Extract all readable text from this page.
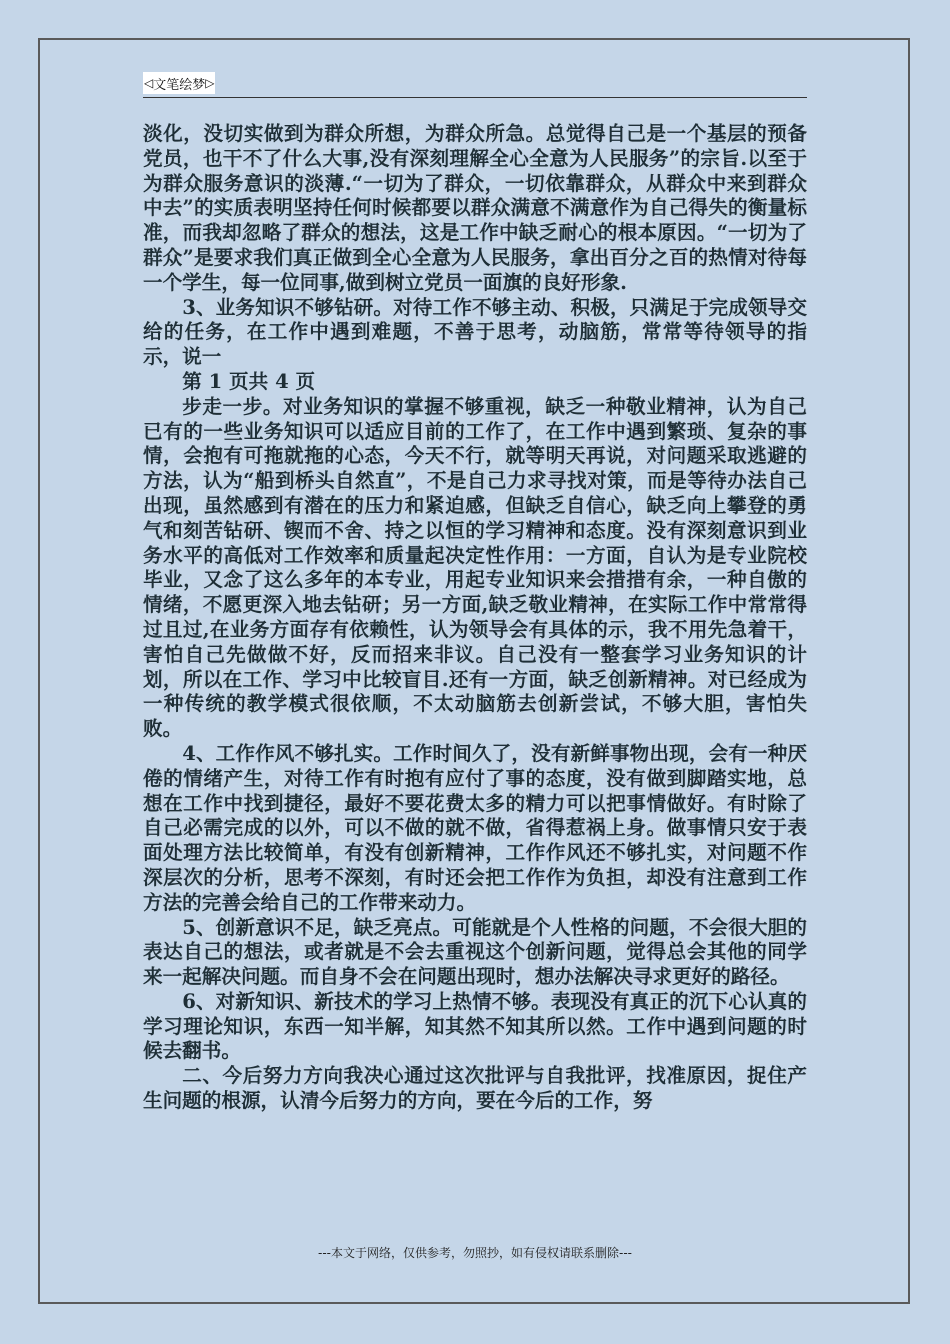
◁ 文笔绘梦 ▷

淡化，没切实做到为群众所想，为群众所急。总觉得自己是一个基层的预备党员，也干不了什么大事,没有深刻理解全心全意为人民服务”的宗旨.以至于为群众服务意识的淡薄.“一切为了群众，一切依靠群众，从群众中来到群众中去”的实质表明坚持任何时候都要以群众满意不满意作为自己得失的衡量标准，而我却忽略了群众的想法，这是工作中缺乏耐心的根本原因。“一切为了群众”是要求我们真正做到全心全意为人民服务，拿出百分之百的热情对待每一个学生，每一位同事,做到树立党员一面旗的良好形象.

3、业务知识不够钻研。对待工作不够主动、积极，只满足于完成领导交给的任务，在工作中遇到难题，不善于思考，动脑筋，常常等待领导的指示，说一

第 1 页共 4 页

步走一步。对业务知识的掌握不够重视，缺乏一种敬业精神，认为自己已有的一些业务知识可以适应目前的工作了，在工作中遇到繁琐、复杂的事情，会抱有可拖就拖的心态，今天不行，就等明天再说，对问题采取逃避的方法，认为“船到桥头自然直”，不是自己力求寻找对策，而是等待办法自己出现，虽然感到有潜在的压力和紧迫感，但缺乏自信心，缺乏向上攀登的勇气和刻苦钻研、锲而不舍、持之以恒的学习精神和态度。没有深刻意识到业务水平的高低对工作效率和质量起决定性作用：一方面，自认为是专业院校毕业，又念了这么多年的本专业，用起专业知识来会措措有余，一种自傲的情绪，不愿更深入地去钻研；另一方面,缺乏敬业精神，在实际工作中常常得过且过,在业务方面存有依赖性，认为领导会有具体的示，我不用先急着干，害怕自己先做做不好，反而招来非议。自己没有一整套学习业务知识的计划，所以在工作、学习中比较盲目.还有一方面，缺乏创新精神。对已经成为一种传统的教学模式很依顺，不太动脑筋去创新尝试，不够大胆，害怕失败。

4、工作作风不够扎实。工作时间久了，没有新鲜事物出现，会有一种厌倦的情绪产生，对待工作有时抱有应付了事的态度，没有做到脚踏实地，总想在工作中找到捷径，最好不要花费太多的精力可以把事情做好。有时除了自己必需完成的以外，可以不做的就不做，省得惹祸上身。做事情只安于表面处理方法比较简单，有没有创新精神，工作作风还不够扎实，对问题不作深层次的分析，思考不深刻，有时还会把工作作为负担，却没有注意到工作方法的完善会给自己的工作带来动力。

5、创新意识不足，缺乏亮点。可能就是个人性格的问题，不会很大胆的表达自己的想法，或者就是不会去重视这个创新问题，觉得总会其他的同学来一起解决问题。而自身不会在问题出现时，想办法解决寻求更好的路径。

6、对新知识、新技术的学习上热情不够。表现没有真正的沉下心认真的学习理论知识，东西一知半解，知其然不知其所以然。工作中遇到问题的时候去翻书。

二、今后努力方向我决心通过这次批评与自我批评，找准原因，捉住产生问题的根源，认清今后努力的方向，要在今后的工作，努

---本文于网络，仅供参考，勿照抄，如有侵权请联系删除---
